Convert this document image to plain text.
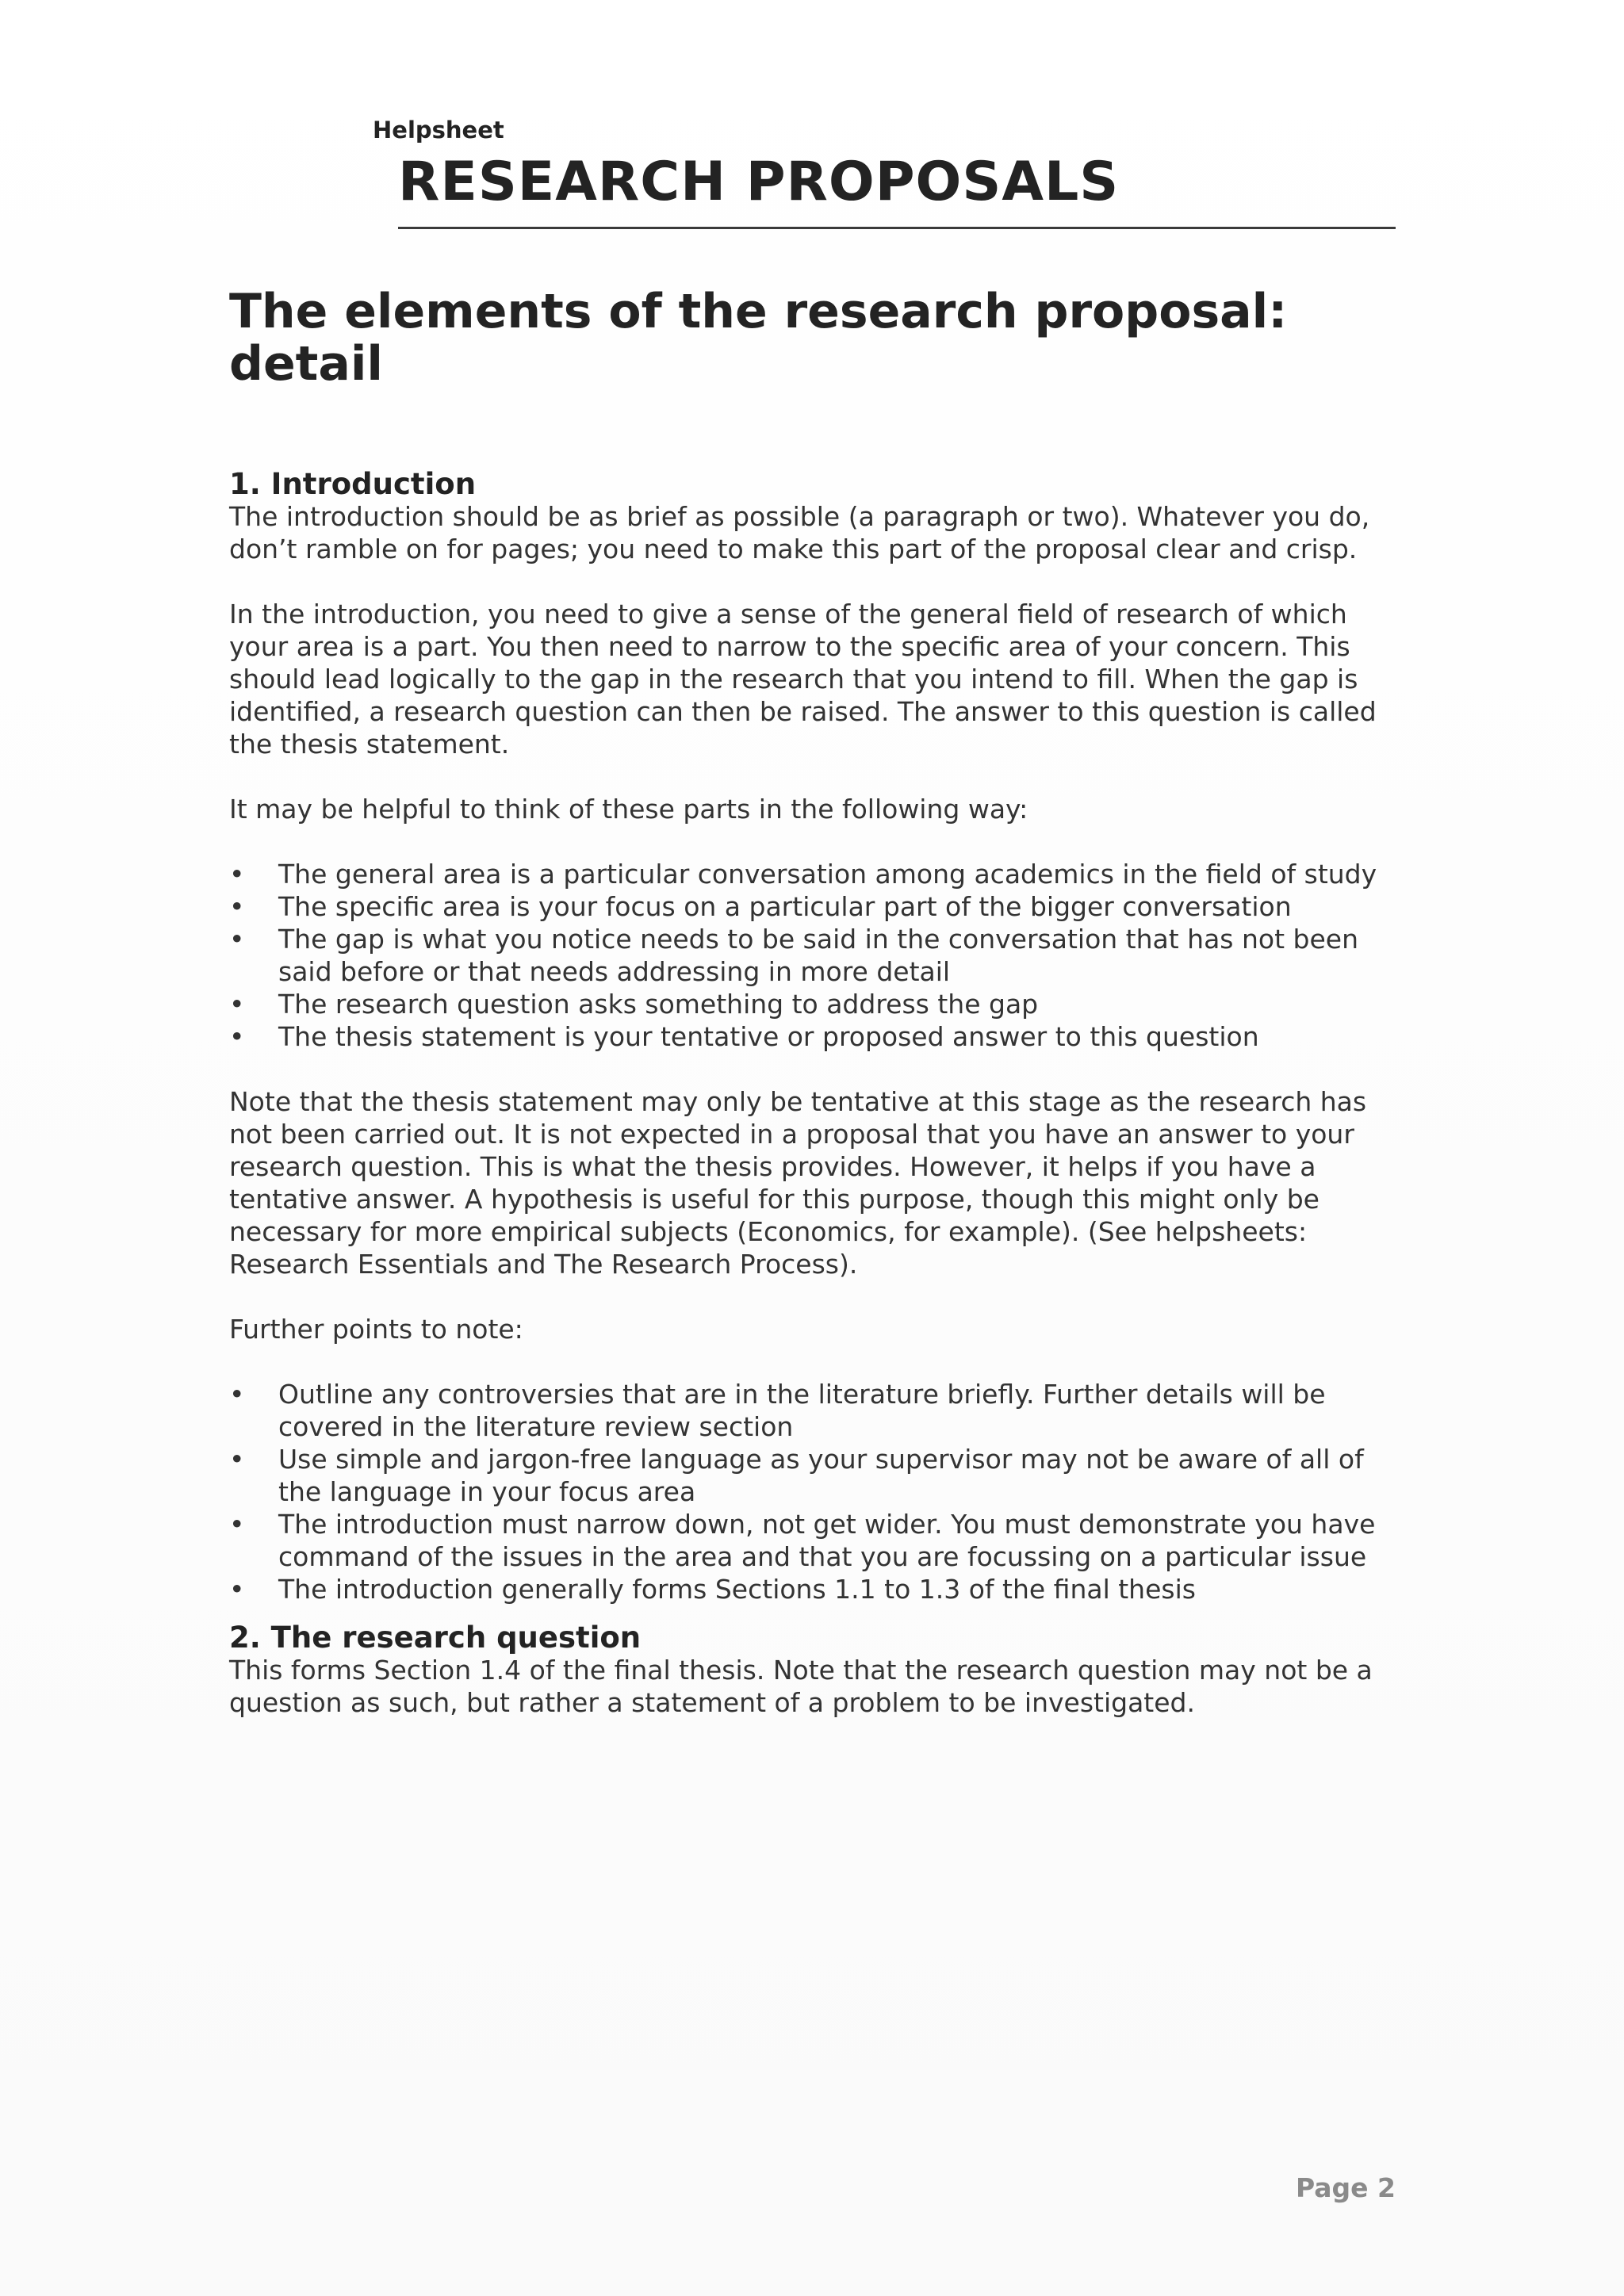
Helpsheet
RESEARCH PROPOSALS
The elements of the research proposal: detail
1. Introduction

The introduction should be as brief as possible (a paragraph or two). Whatever you do, don’t ramble on for pages; you need to make this part of the proposal clear and crisp.

In the introduction, you need to give a sense of the general field of research of which your area is a part. You then need to narrow to the specific area of your concern. This should lead logically to the gap in the research that you intend to fill. When the gap is identified, a research question can then be raised. The answer to this question is called the thesis statement.

It may be helpful to think of these parts in the following way:

• The general area is a particular conversation among academics in the field of study
• The specific area is your focus on a particular part of the bigger conversation
• The gap is what you notice needs to be said in the conversation that has not been said before or that needs addressing in more detail
• The research question asks something to address the gap
• The thesis statement is your tentative or proposed answer to this question

Note that the thesis statement may only be tentative at this stage as the research has not been carried out. It is not expected in a proposal that you have an answer to your research question. This is what the thesis provides. However, it helps if you have a tentative answer. A hypothesis is useful for this purpose, though this might only be necessary for more empirical subjects (Economics, for example). (See helpsheets: Research Essentials and The Research Process).

Further points to note:

• Outline any controversies that are in the literature briefly. Further details will be covered in the literature review section
• Use simple and jargon-free language as your supervisor may not be aware of all of the language in your focus area
• The introduction must narrow down, not get wider. You must demonstrate you have command of the issues in the area and that you are focussing on a particular issue
• The introduction generally forms Sections 1.1 to 1.3 of the final thesis
2. The research question

This forms Section 1.4 of the final thesis. Note that the research question may not be a question as such, but rather a statement of a problem to be investigated.

Page 2
